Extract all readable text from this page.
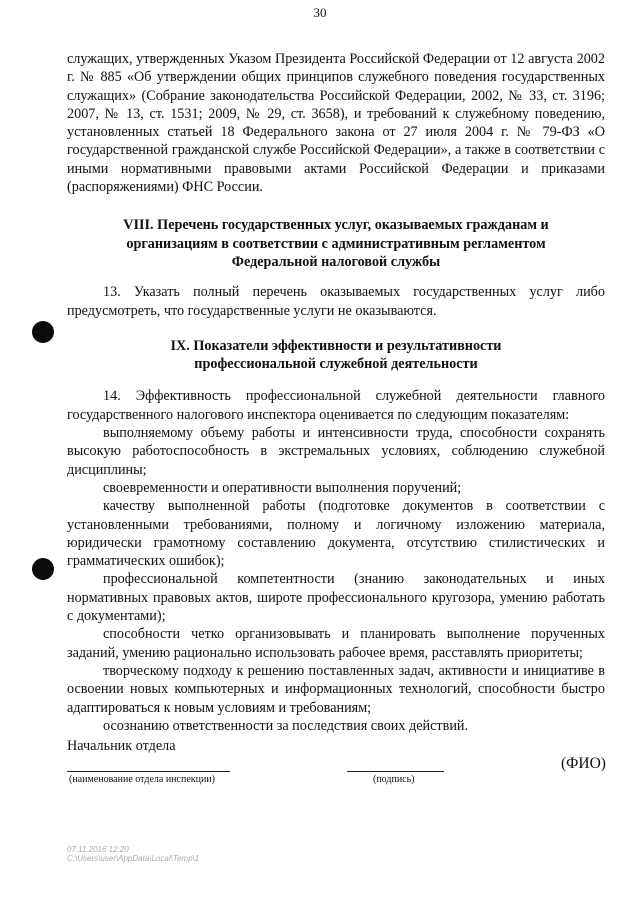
30

служащих, утвержденных Указом Президента Российской Федерации от 12 августа 2002 г. № 885 «Об утверждении общих принципов служебного поведения государственных служащих» (Собрание законодательства Российской Федерации, 2002, № 33, ст. 3196; 2007, № 13, ст. 1531; 2009, № 29, ст. 3658), и требований к служебному поведению, установленных статьей 18 Федерального закона от 27 июля 2004 г. № 79-ФЗ «О государственной гражданской службе Российской Федерации», а также в соответствии с иными нормативными правовыми актами Российской Федерации и приказами (распоряжениями) ФНС России.

VIII. Перечень государственных услуг, оказываемых гражданам и
организациям в соответствии с административным регламентом
Федеральной налоговой службы

13. Указать полный перечень оказываемых государственных услуг либо предусмотреть, что государственные услуги не оказываются.

IX. Показатели эффективности и результативности
профессиональной служебной деятельности

14. Эффективность профессиональной служебной деятельности главного государственного налогового инспектора оценивается по следующим показателям:

выполняемому объему работы и интенсивности труда, способности сохранять высокую работоспособность в экстремальных условиях, соблюдению служебной дисциплины;

своевременности и оперативности выполнения поручений;

качеству выполненной работы (подготовке документов в соответствии с установленными требованиями, полному и логичному изложению материала, юридически грамотному составлению документа, отсутствию стилистических и грамматических ошибок);

профессиональной компетентности (знанию законодательных и иных нормативных правовых актов, широте профессионального кругозора, умению работать с документами);

способности четко организовывать и планировать выполнение порученных заданий, умению рационально использовать рабочее время, расставлять приоритеты;

творческому подходу к решению поставленных задач, активности и инициативе в освоении новых компьютерных и информационных технологий, способности быстро адаптироваться к новым условиям и требованиям;

осознанию ответственности за последствия своих действий.

Начальник отдела
(наименование отдела инспекции)	(подпись)
(ФИО)
07.11.2016 12:20
C:\Users\user\AppData\Local\Temp\1
